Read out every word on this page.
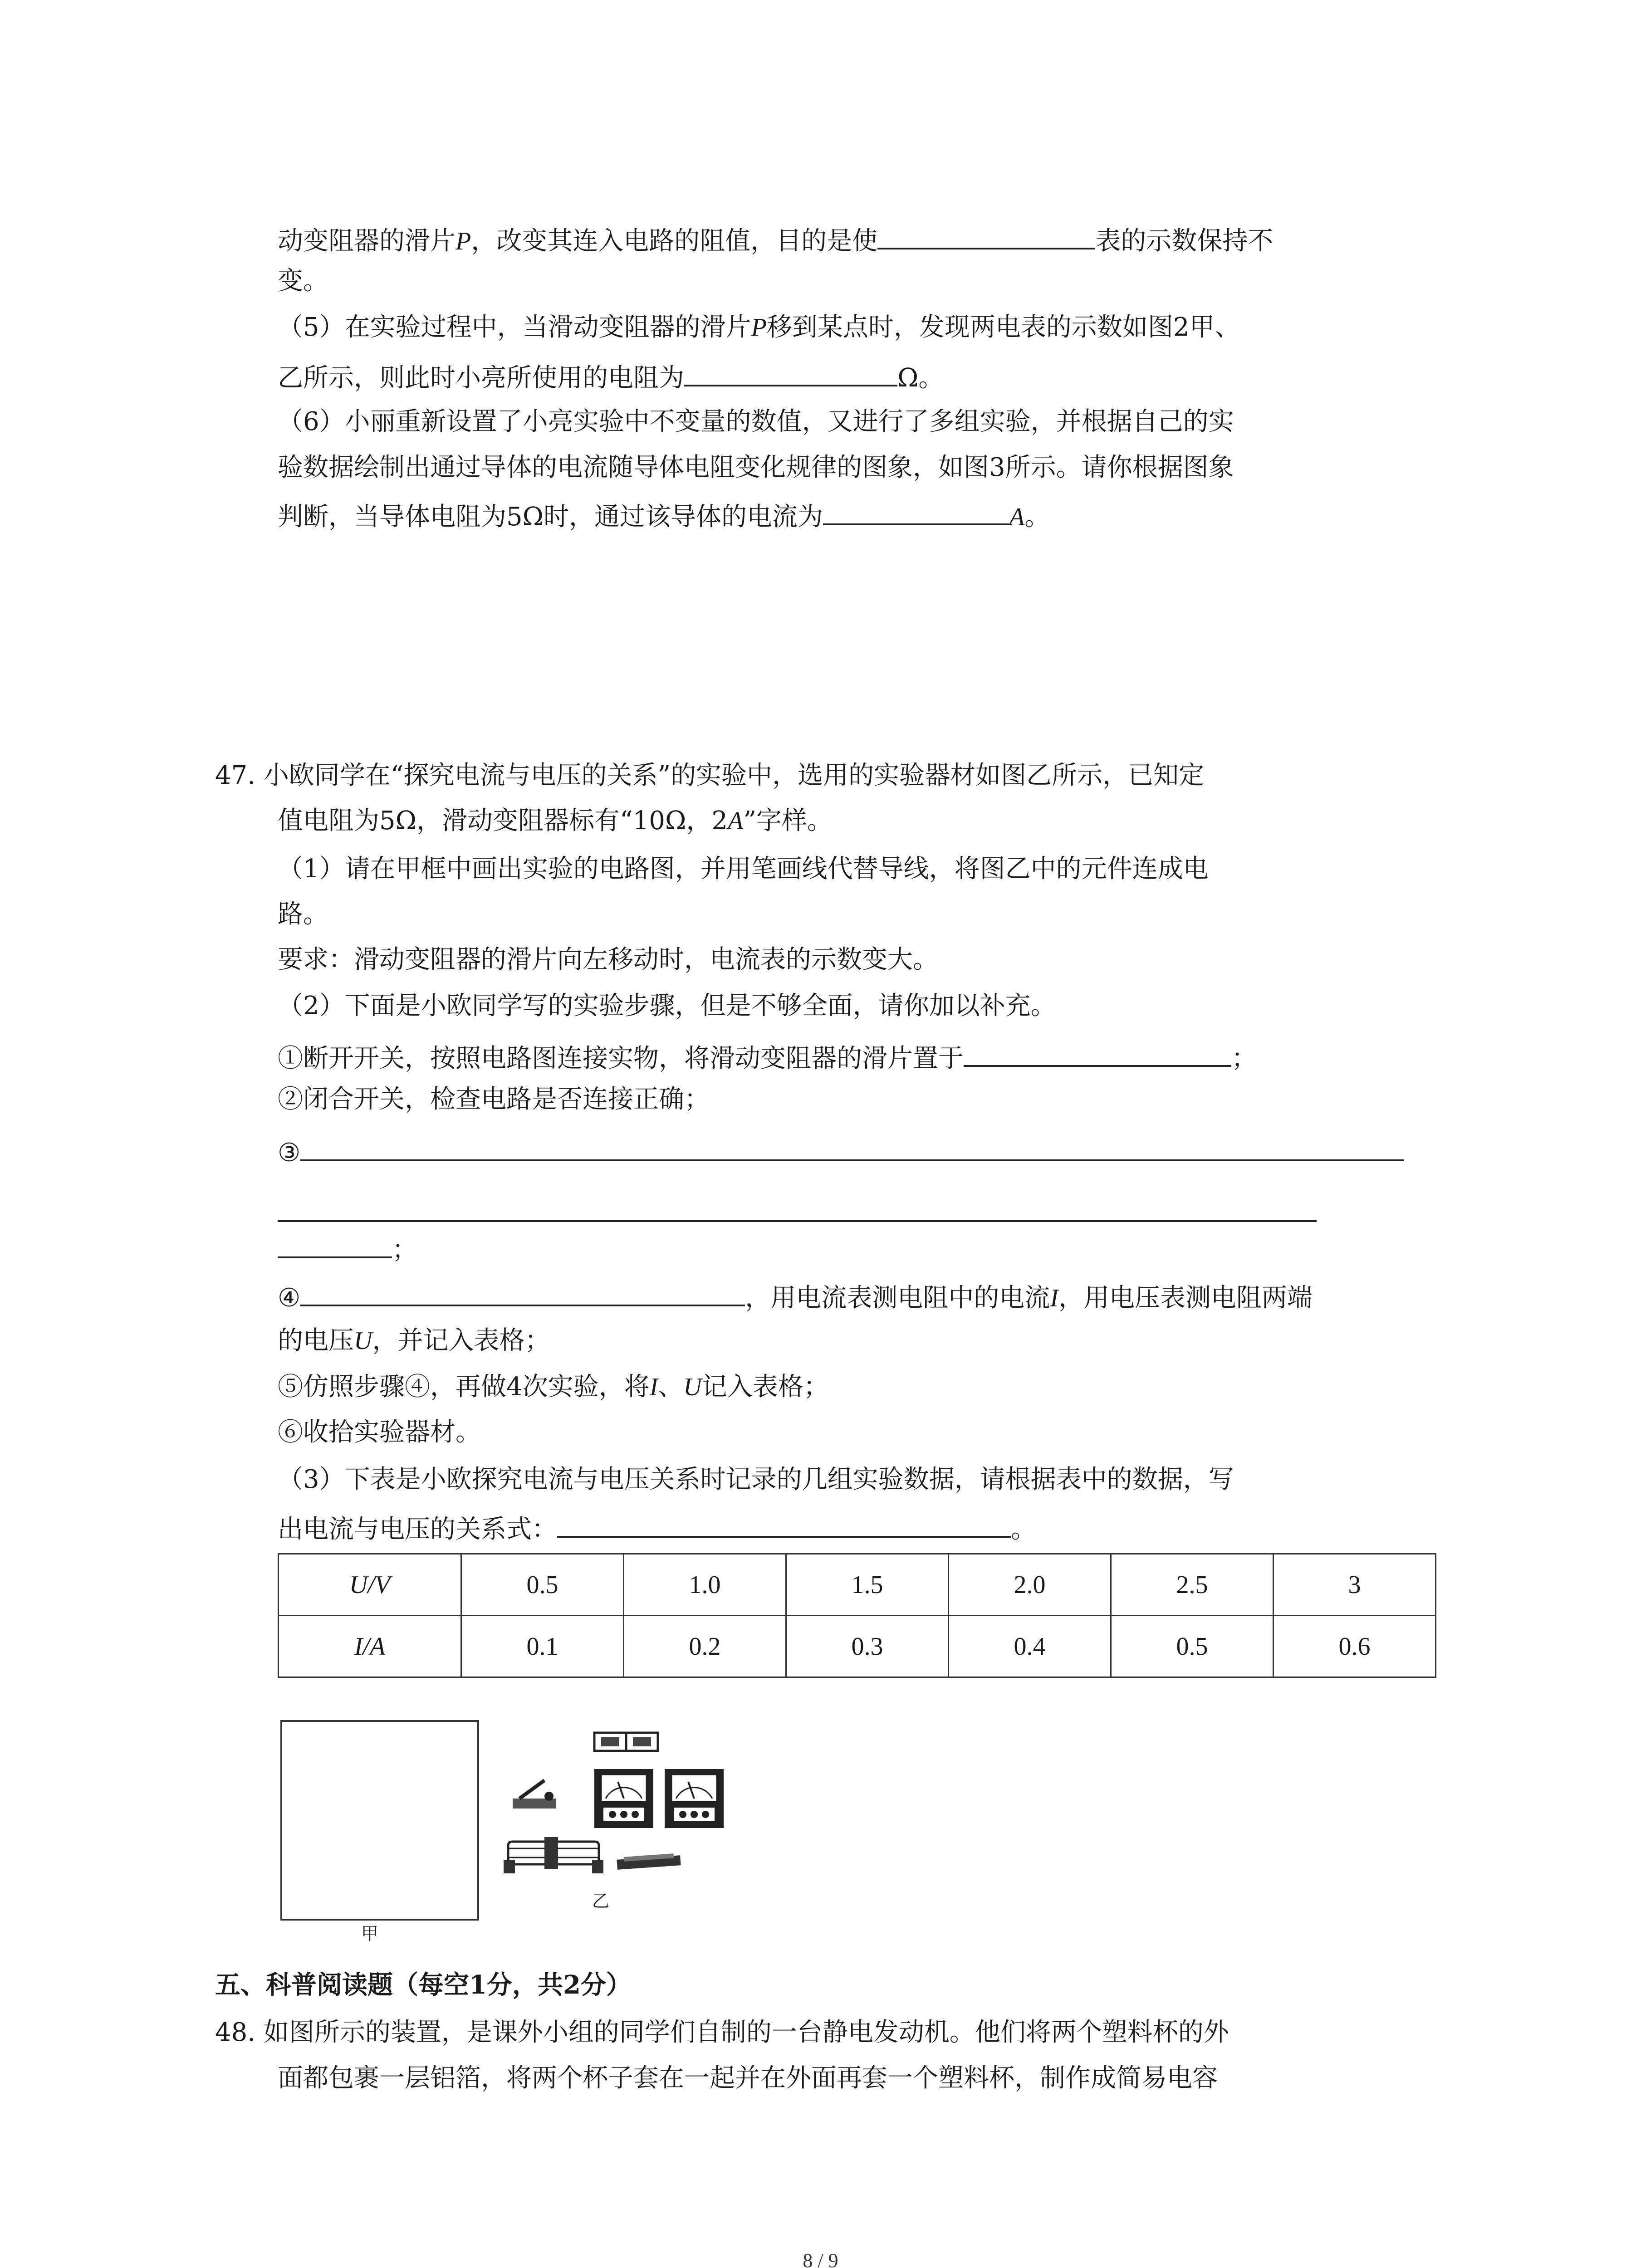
动变阻器的滑片P，改变其连入电路的阻值，目的是使	表的示数保持不
变。
（5）在实验过程中，当滑动变阻器的滑片P移到某点时，发现两电表的示数如图2甲、
乙所示，则此时小亮所使用的电阻为	Ω。
（6）小丽重新设置了小亮实验中不变量的数值，又进行了多组实验，并根据自己的实
验数据绘制出通过导体的电流随导体电阻变化规律的图象，如图3所示。请你根据图象
判断，当导体电阻为5Ω时，通过该导体的电流为	A。
47. 小欧同学在“探究电流与电压的关系”的实验中，选用的实验器材如图乙所示，已知定
值电阻为5Ω，滑动变阻器标有“10Ω，2A”字样。
（1）请在甲框中画出实验的电路图，并用笔画线代替导线，将图乙中的元件连成电
路。
要求：滑动变阻器的滑片向左移动时，电流表的示数变大。
（2）下面是小欧同学写的实验步骤，但是不够全面，请你加以补充。
①断开开关，按照电路图连接实物，将滑动变阻器的滑片置于	；
②闭合开关，检查电路是否连接正确；
③
；
④	，用电流表测电阻中的电流I，用电压表测电阻两端
的电压U，并记入表格；
⑤仿照步骤④，再做4次实验，将I、U记入表格；
⑥收拾实验器材。
（3）下表是小欧探究电流与电压关系时记录的几组实验数据，请根据表中的数据，写
出电流与电压的关系式：	。
U/V	0.5	1.0	1.5	2.0	2.5	3
I/A	0.1	0.2	0.3	0.4	0.5	0.6
甲
乙
五、科普阅读题（每空1分，共2分）
48. 如图所示的装置，是课外小组的同学们自制的一台静电发动机。他们将两个塑料杯的外
面都包裹一层铝箔，将两个杯子套在一起并在外面再套一个塑料杯，制作成简易电容
8 / 9
